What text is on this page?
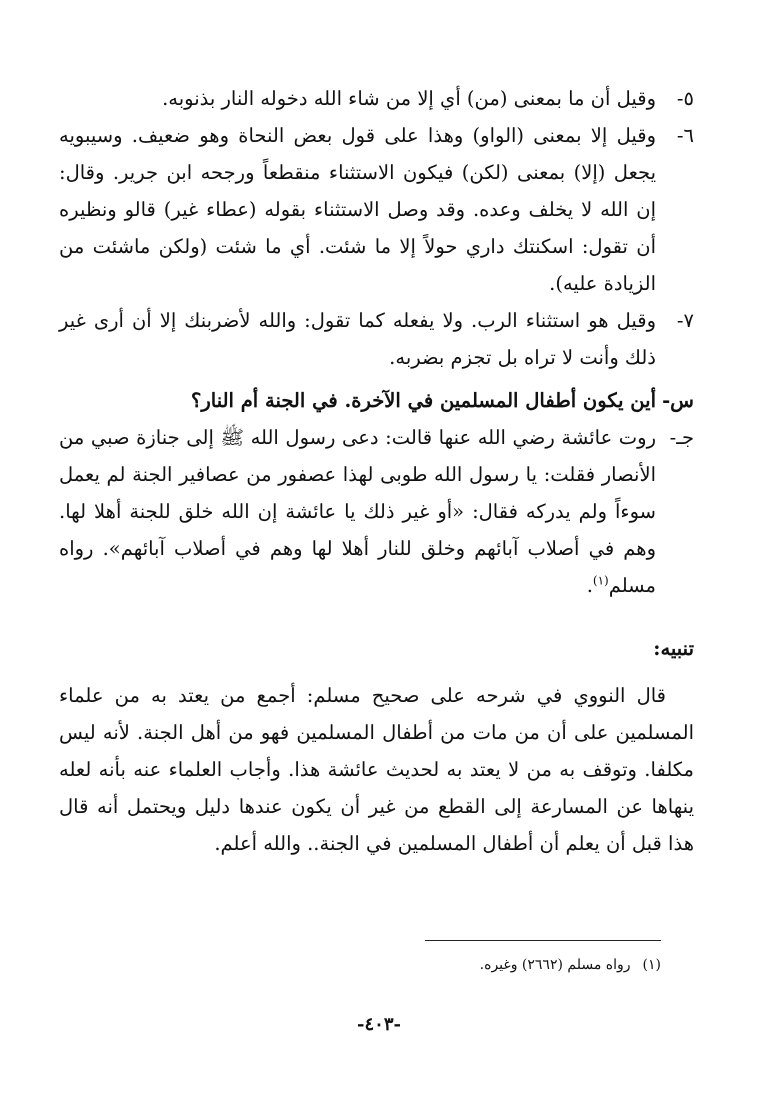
٥-
وقيل أن ما بمعنى (من) أي إلا من شاء الله دخوله النار بذنوبه.
٦-
وقيل إلا بمعنى (الواو) وهذا على قول بعض النحاة وهو ضعيف. وسيبويه يجعل (إلا) بمعنى (لكن) فيكون الاستثناء منقطعاً ورجحه ابن جرير. وقال: إن الله لا يخلف وعده. وقد وصل الاستثناء بقوله (عطاء غير) قالو ونظيره أن تقول: اسكنتك داري حولاً إلا ما شئت. أي ما شئت (ولكن ماشئت من الزيادة عليه).
٧-
وقيل هو استثناء الرب. ولا يفعله كما تقول: والله لأضربنك إلا أن أرى غير ذلك وأنت لا تراه بل تجزم بضربه.
س-
أين يكون أطفال المسلمين في الآخرة. في الجنة أم النار؟
جـ-
روت عائشة رضي الله عنها قالت: دعى رسول الله ﷺ إلى جنازة صبي من الأنصار فقلت: يا رسول الله طوبى لهذا عصفور من عصافير الجنة لم يعمل سوءاً ولم يدركه فقال: «أو غير ذلك يا عائشة إن الله خلق للجنة أهلا لها. وهم في أصلاب آبائهم وخلق للنار أهلا لها وهم في أصلاب آبائهم». رواه مسلم$^{(١)}$.
تنبيه:

قال النووي في شرحه على صحيح مسلم: أجمع من يعتد به من علماء المسلمين على أن من مات من أطفال المسلمين فهو من أهل الجنة. لأنه ليس مكلفا. وتوقف به من لا يعتد به لحديث عائشة هذا. وأجاب العلماء عنه بأنه لعله ينهاها عن المسارعة إلى القطع من غير أن يكون عندها دليل ويحتمل أنه قال هذا قبل أن يعلم أن أطفال المسلمين في الجنة.. والله أعلم.

(١)رواه مسلم (٢٦٦٢) وغيره.
-٤٠٣-
